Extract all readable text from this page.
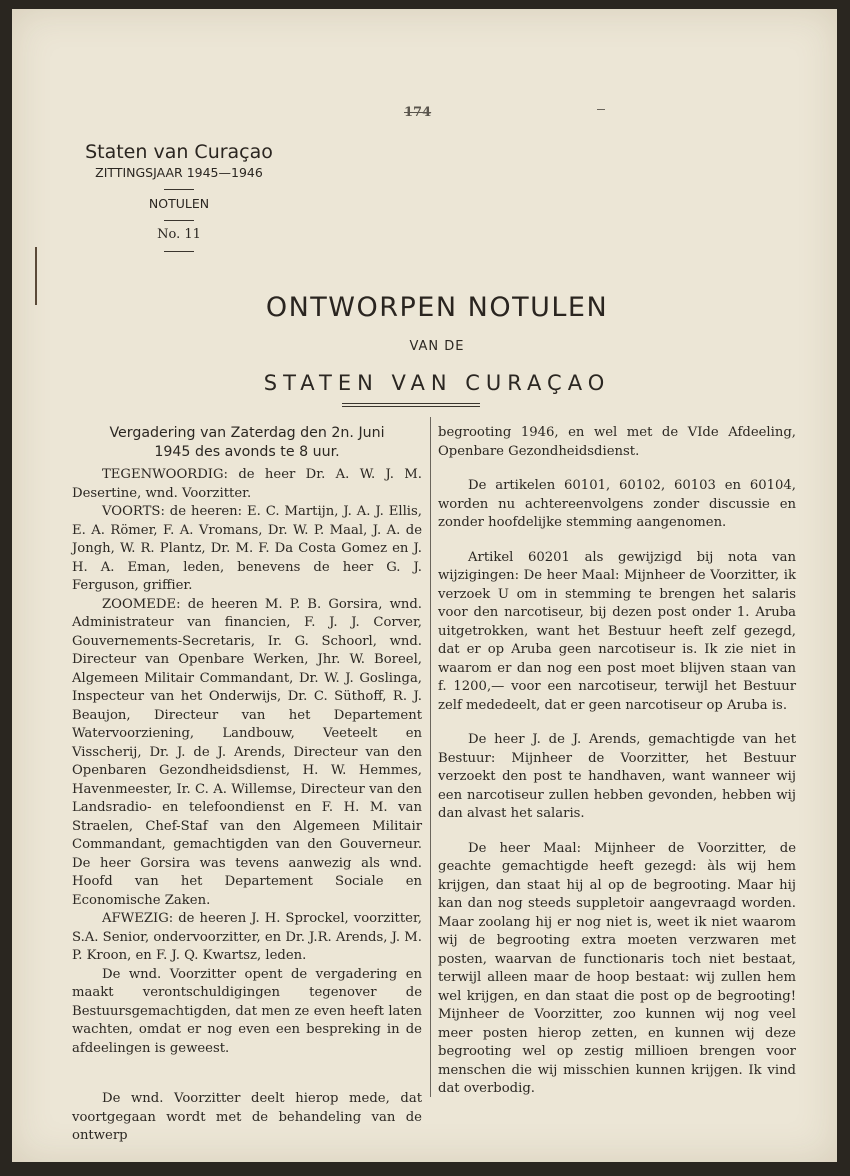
174
Staten van Curaçao
ZITTINGSJAAR 1945—1946
NOTULEN
No. 11
ONTWORPEN NOTULEN
VAN DE
STATEN VAN CURAÇAO

Vergadering van Zaterdag den 2n. Juni
1945 des avonds te 8 uur.

TEGENWOORDIG: de heer Dr. A. W. J. M. Desertine, wnd. Voorzitter.

VOORTS: de heeren: E. C. Martijn, J. A. J. Ellis, E. A. Römer, F. A. Vromans, Dr. W. P. Maal, J. A. de Jongh, W. R. Plantz, Dr. M. F. Da Costa Gomez en J. H. A. Eman, leden, benevens de heer G. J. Ferguson, griffier.

ZOOMEDE: de heeren M. P. B. Gorsira, wnd. Administrateur van financien, F. J. J. Corver, Gouvernements-Secretaris, Ir. G. Schoorl, wnd. Directeur van Openbare Werken, Jhr. W. Boreel, Algemeen Militair Commandant, Dr. W. J. Goslinga, Inspecteur van het Onderwijs, Dr. C. Süthoff, R. J. Beaujon, Directeur van het Departement Watervoorziening, Landbouw, Veeteelt en Visscherij, Dr. J. de J. Arends, Directeur van den Openbaren Gezondheidsdienst, H. W. Hemmes, Havenmeester, Ir. C. A. Willemse, Directeur van den Landsradio- en telefoondienst en F. H. M. van Straelen, Chef-Staf van den Algemeen Militair Commandant, gemachtigden van den Gouverneur. De heer Gorsira was tevens aanwezig als wnd. Hoofd van het Departement Sociale en Economische Zaken.

AFWEZIG: de heeren J. H. Sprockel, voorzitter, S.A. Senior, ondervoorzitter, en Dr. J.R. Arends, J. M. P. Kroon, en F. J. Q. Kwartsz, leden.

De wnd. Voorzitter opent de vergadering en maakt verontschuldigingen tegenover de Bestuursgemachtigden, dat men ze even heeft laten wachten, omdat er nog even een bespreking in de afdeelingen is geweest.

De wnd. Voorzitter deelt hierop mede, dat voortgegaan wordt met de behandeling van de ontwerp

begrooting 1946, en wel met de VIde Afdeeling, Openbare Gezondheidsdienst.

De artikelen 60101, 60102, 60103 en 60104, worden nu achtereenvolgens zonder discussie en zonder hoofdelijke stemming aangenomen.

Artikel 60201 als gewijzigd bij nota van wijzigingen: De heer Maal: Mijnheer de Voorzitter, ik verzoek U om in stemming te brengen het salaris voor den narcotiseur, bij dezen post onder 1. Aruba uitgetrokken, want het Bestuur heeft zelf gezegd, dat er op Aruba geen narcotiseur is. Ik zie niet in waarom er dan nog een post moet blijven staan van f. 1200,— voor een narcotiseur, terwijl het Bestuur zelf mededeelt, dat er geen narcotiseur op Aruba is.

De heer J. de J. Arends, gemachtigde van het Bestuur: Mijnheer de Voorzitter, het Bestuur verzoekt den post te handhaven, want wanneer wij een narcotiseur zullen hebben gevonden, hebben wij dan alvast het salaris.

De heer Maal: Mijnheer de Voorzitter, de geachte gemachtigde heeft gezegd: àls wij hem krijgen, dan staat hij al op de begrooting. Maar hij kan dan nog steeds suppletoir aangevraagd worden. Maar zoolang hij er nog niet is, weet ik niet waarom wij de begrooting extra moeten verzwaren met posten, waarvan de functionaris toch niet bestaat, terwijl alleen maar de hoop bestaat: wij zullen hem wel krijgen, en dan staat die post op de begrooting! Mijnheer de Voorzitter, zoo kunnen wij nog veel meer posten hierop zetten, en kunnen wij deze begrooting wel op zestig millioen brengen voor menschen die wij misschien kunnen krijgen. Ik vind dat overbodig.
